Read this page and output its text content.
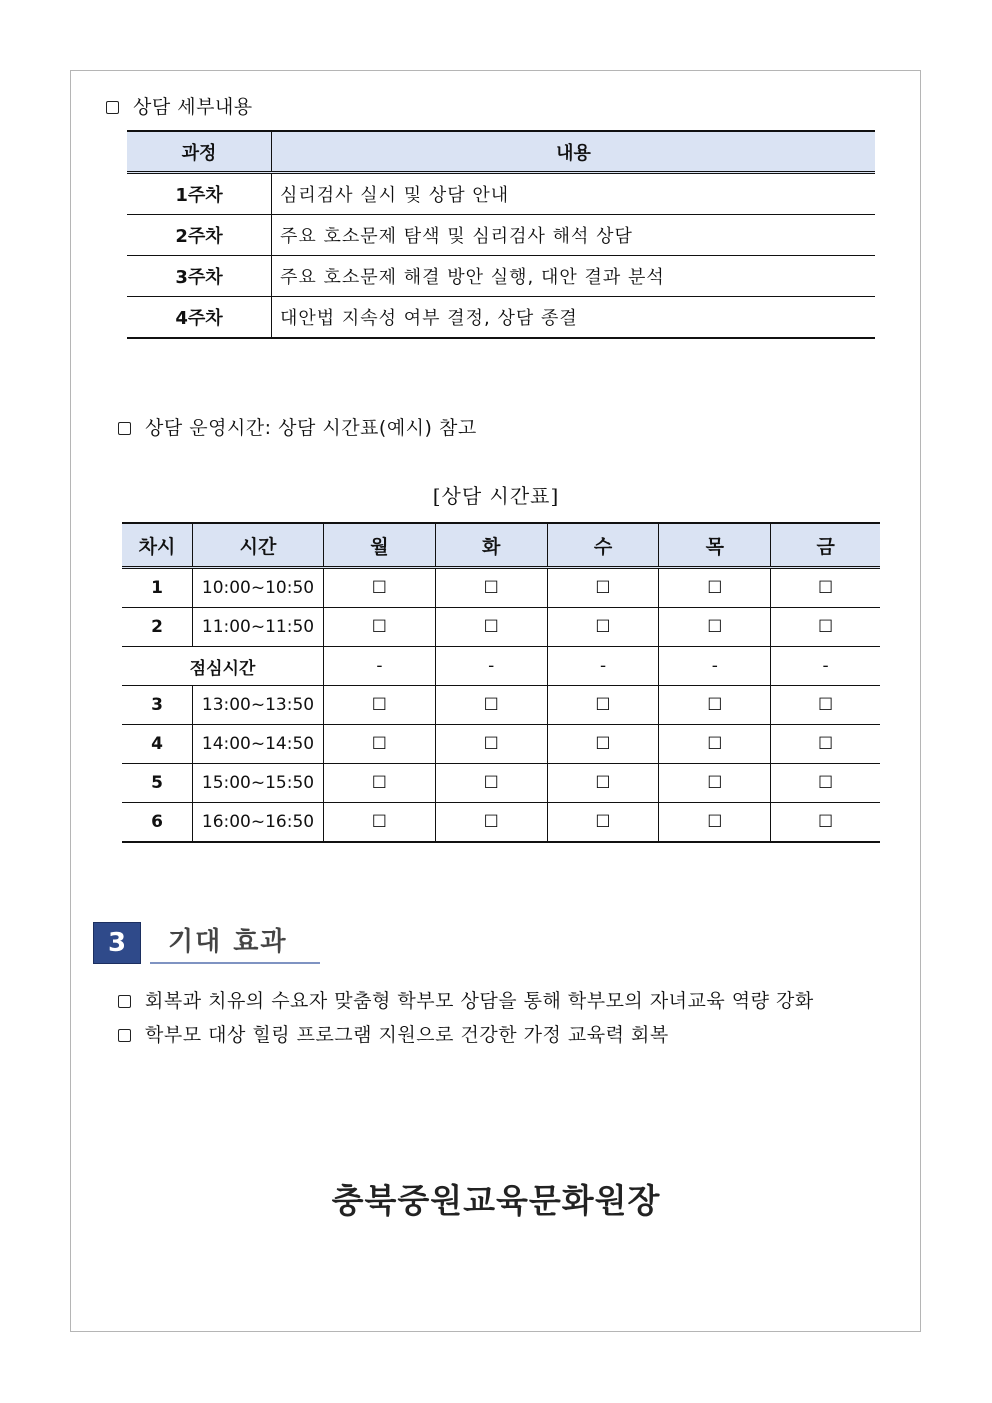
상담 세부내용
과정	내용
1주차	심리검사 실시 및 상담 안내
2주차	주요 호소문제 탐색 및 심리검사 해석 상담
3주차	주요 호소문제 해결 방안 실행, 대안 결과 분석
4주차	대안법 지속성 여부 결정, 상담 종결
상담 운영시간: 상담 시간표(예시) 참고
[상담 시간표]
차시	시간	월	화	수	목	금
1	10:00~10:50	☐	☐	☐	☐	☐
2	11:00~11:50	☐	☐	☐	☐	☐
점심시간		-	-	-	-	-
3	13:00~13:50	☐	☐	☐	☐	☐
4	14:00~14:50	☐	☐	☐	☐	☐
5	15:00~15:50	☐	☐	☐	☐	☐
6	16:00~16:50	☐	☐	☐	☐	☐
3	기대 효과
회복과 치유의 수요자 맞춤형 학부모 상담을 통해 학부모의 자녀교육 역량 강화
학부모 대상 힐링 프로그램 지원으로 건강한 가정 교육력 회복
충북중원교육문화원장
